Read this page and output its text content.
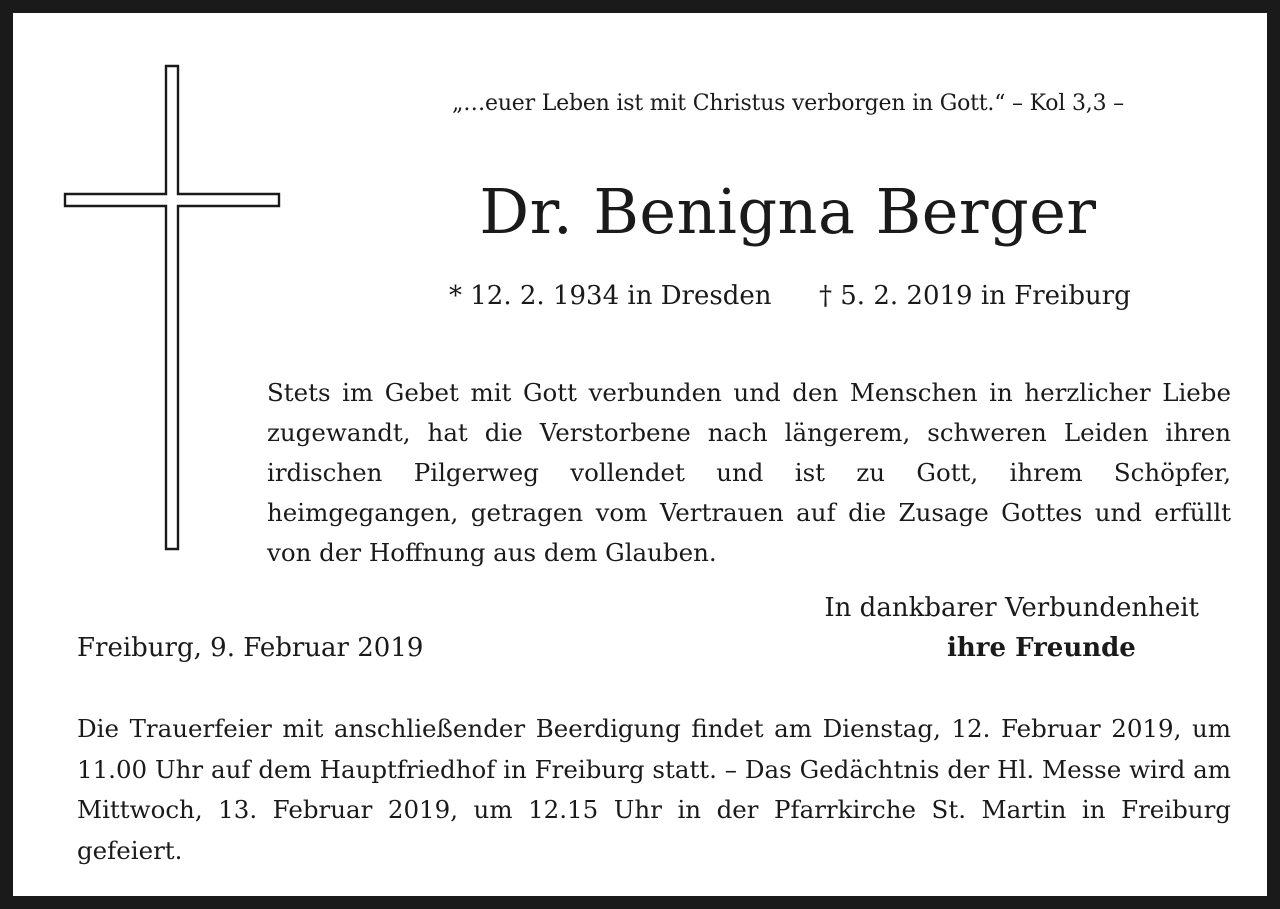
„…euer Leben ist mit Christus verborgen in Gott.“ – Kol 3,3 –
Dr. Benigna Berger
* 12. 2. 1934 in Dresden † 5. 2. 2019 in Freiburg
Stets im Gebet mit Gott verbunden und den Menschen in herzlicher Liebe zugewandt, hat die Verstorbene nach längerem, schweren Leiden ihren irdischen Pilgerweg vollendet und ist zu Gott, ihrem Schöpfer, heimgegangen, getragen vom Vertrauen auf die Zusage Gottes und erfüllt von der Hoffnung aus dem Glauben.
In dankbarer Verbundenheit
Freiburg, 9. Februar 2019	ihre Freunde
Die Trauerfeier mit anschließender Beerdigung findet am Dienstag, 12. Februar 2019, um 11.00 Uhr auf dem Hauptfriedhof in Freiburg statt. – Das Gedächtnis der Hl. Messe wird am Mittwoch, 13. Februar 2019, um 12.15 Uhr in der Pfarrkirche St. Martin in Freiburg gefeiert.
